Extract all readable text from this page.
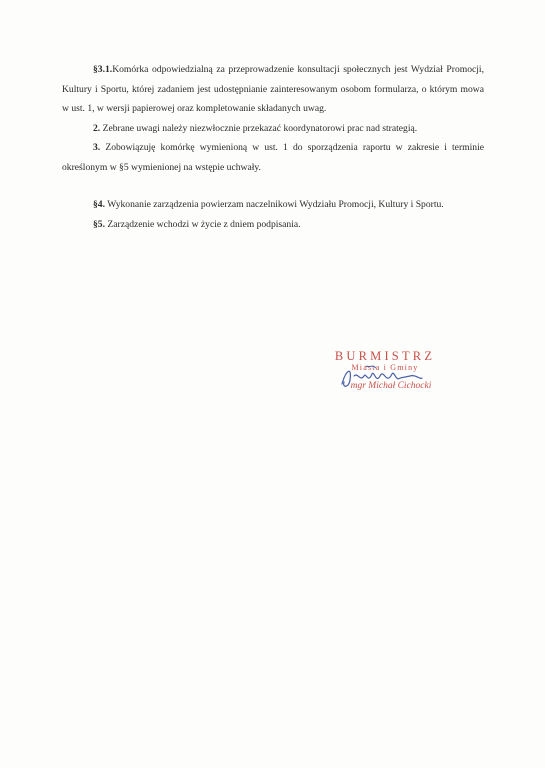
§3.1.Komórka odpowiedzialną za przeprowadzenie konsultacji społecznych jest Wydział Promocji, Kultury i Sportu, której zadaniem jest udostępnianie zainteresowanym osobom formularza, o którym mowa w ust. 1, w wersji papierowej oraz kompletowanie składanych uwag.

2. Zebrane uwagi należy niezwłocznie przekazać koordynatorowi prac nad strategią.

3. Zobowiązuję komórkę wymienioną w ust. 1 do sporządzenia raportu w zakresie i terminie określonym w §5 wymienionej na wstępie uchwały.

§4. Wykonanie zarządzenia powierzam naczelnikowi Wydziału Promocji, Kultury i Sportu.

§5. Zarządzenie wchodzi w życie z dniem podpisania.

BURMISTRZ
Miasta i Gminy
mgr Michał Cichocki
